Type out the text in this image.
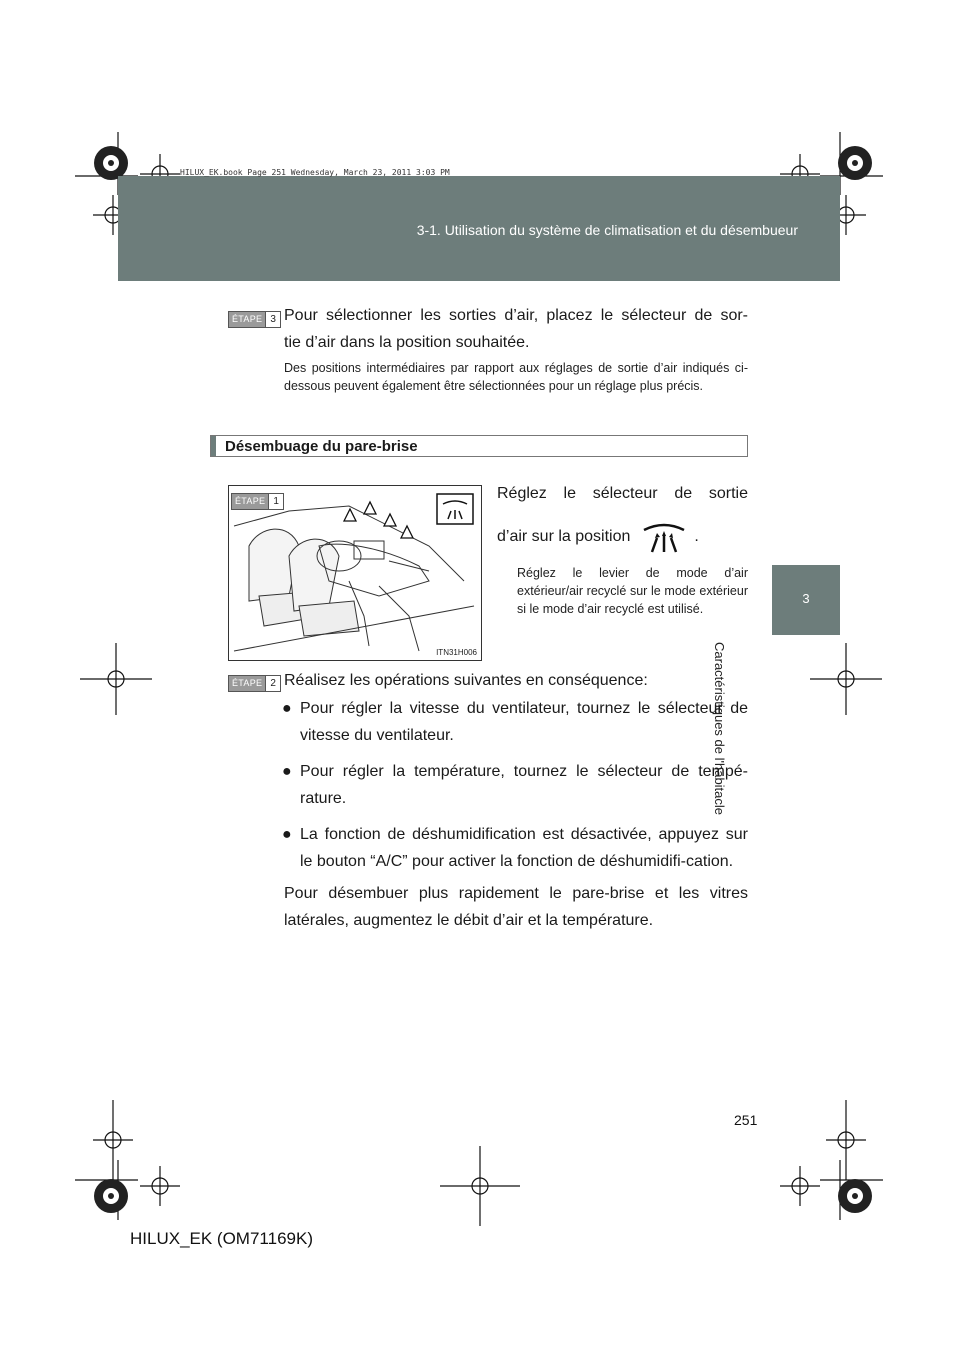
HILUX_EK.book Page 251 Wednesday, March 23, 2011 3:03 PM
3-1. Utilisation du système de climatisation et du désembueur
3
Caractéristiques de l'habitacle
ÉTAPE 3 Pour sélectionner les sorties d’air, placez le sélecteur de sor-
tie d’air dans la position souhaitée.
Des positions intermédiaires par rapport aux réglages de sortie d’air indiqués ci-dessous peuvent également être sélectionnées pour un réglage plus précis.
Désembuage du pare-brise
ÉTAPE 1
ITN31H006
Réglez le sélecteur de sortie
d’air sur la position	.
Réglez le levier de mode d’air extérieur/air recyclé sur le mode extérieur si le mode d’air recyclé est utilisé.
ÉTAPE 2 Réalisez les opérations suivantes en conséquence:
● Pour régler la vitesse du ventilateur, tournez le sélecteur de vitesse du ventilateur.
● Pour régler la température, tournez le sélecteur de tempé-rature.
● La fonction de déshumidification est désactivée, appuyez sur le bouton “A/C” pour activer la fonction de déshumidifi-cation.
Pour désembuer plus rapidement le pare-brise et les vitres latérales, augmentez le débit d’air et la température.
251
HILUX_EK (OM71169K)
